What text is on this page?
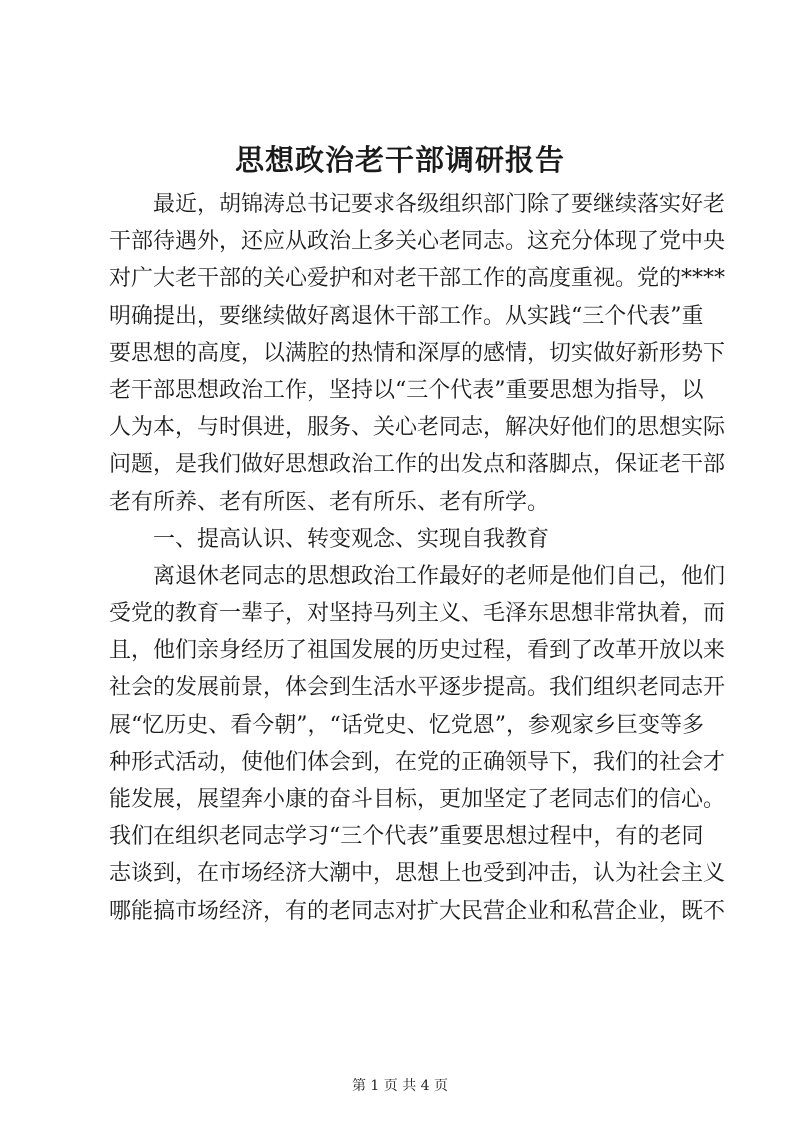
思想政治老干部调研报告
最近，胡锦涛总书记要求各级组织部门除了要继续落实好老
干部待遇外，还应从政治上多关心老同志。这充分体现了党中央
对广大老干部的关心爱护和对老干部工作的高度重视。党的****
明确提出，要继续做好离退休干部工作。从实践“三个代表”重
要思想的高度，以满腔的热情和深厚的感情，切实做好新形势下
老干部思想政治工作，坚持以“三个代表”重要思想为指导，以
人为本，与时俱进，服务、关心老同志，解决好他们的思想实际
问题，是我们做好思想政治工作的出发点和落脚点，保证老干部
老有所养、老有所医、老有所乐、老有所学。
一、提高认识、转变观念、实现自我教育
离退休老同志的思想政治工作最好的老师是他们自己，他们
受党的教育一辈子，对坚持马列主义、毛泽东思想非常执着，而
且，他们亲身经历了祖国发展的历史过程，看到了改革开放以来
社会的发展前景，体会到生活水平逐步提高。我们组织老同志开
展“忆历史、看今朝”，“话党史、忆党恩”，参观家乡巨变等多
种形式活动，使他们体会到，在党的正确领导下，我们的社会才
能发展，展望奔小康的奋斗目标，更加坚定了老同志们的信心。
我们在组织老同志学习“三个代表”重要思想过程中，有的老同
志谈到，在市场经济大潮中，思想上也受到冲击，认为社会主义
哪能搞市场经济，有的老同志对扩大民营企业和私营企业，既不
第 1 页 共 4 页
